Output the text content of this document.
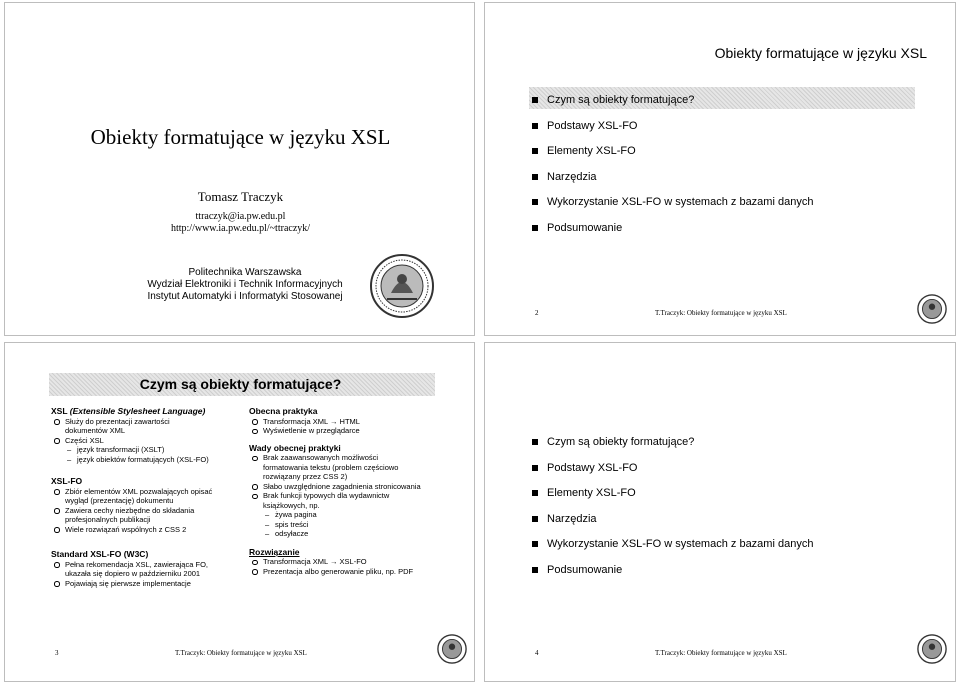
Obiekty formatujące w języku XSL
Tomasz Traczyk
ttraczyk@ia.pw.edu.pl
http://www.ia.pw.edu.pl/~ttraczyk/
Politechnika Warszawska
Wydział Elektroniki i Technik Informacyjnych
Instytut Automatyki i Informatyki Stosowanej
Obiekty formatujące w języku XSL
Czym są obiekty formatujące?
Podstawy XSL-FO
Elementy XSL-FO
Narzędzia
Wykorzystanie XSL-FO w systemach z bazami danych
Podsumowanie
2	T.Traczyk: Obiekty formatujące w języku XSL
Czym są obiekty formatujące?
XSL (Extensible Stylesheet Language)
Służy do prezentacji zawartości
dokumentów XML
Części XSL
– język transformacji (XSLT)
– język obiektów formatujących (XSL-FO)
XSL-FO
Zbiór elementów XML pozwalających opisać
wygląd (prezentację) dokumentu
Zawiera cechy niezbędne do składania
profesjonalnych publikacji
Wiele rozwiązań wspólnych z CSS 2
Standard XSL-FO (W3C)
Pełna rekomendacja XSL, zawierająca FO,
ukazała się dopiero w październiku 2001
Pojawiają się pierwsze implementacje
Obecna praktyka
Transformacja XML → HTML
Wyświetlenie w przeglądarce
Wady obecnej praktyki
Brak zaawansowanych możliwości
formatowania tekstu (problem częściowo
rozwiązany przez CSS 2)
Słabo uwzględnione zagadnienia stronicowania
Brak funkcji typowych dla wydawnictw
książkowych, np.
– żywa pagina
– spis treści
– odsyłacze
Rozwiązanie
Transformacja XML → XSL-FO
Prezentacja albo generowanie pliku, np. PDF
3	T.Traczyk: Obiekty formatujące w języku XSL
Czym są obiekty formatujące?
Podstawy XSL-FO
Elementy XSL-FO
Narzędzia
Wykorzystanie XSL-FO w systemach z bazami danych
Podsumowanie
4	T.Traczyk: Obiekty formatujące w języku XSL
